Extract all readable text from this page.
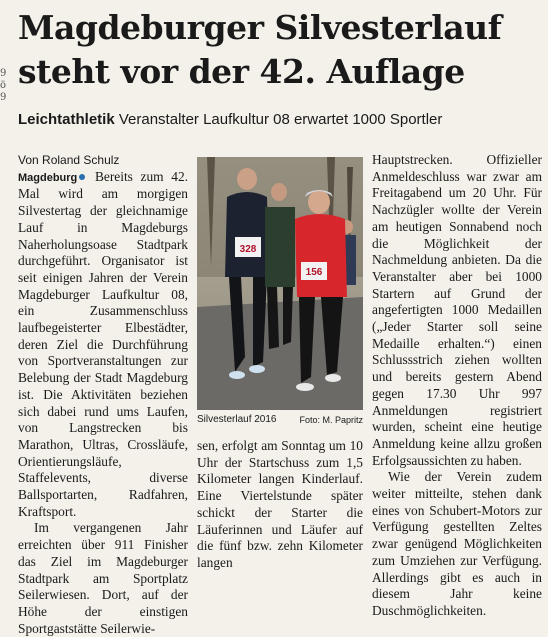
9
ö
9
Magdeburger Silvesterlauf
steht vor der 42. Auflage
Leichtathletik Veranstalter Laufkultur 08 erwartet 1000 Sportler
Von Roland Schulz

Magdeburg Bereits zum 42. Mal wird am morgigen Silvestertag der gleichnamige Lauf in Magdeburgs Naherholungsoase Stadtpark durchgeführt. Organisator ist seit einigen Jahren der Verein Magdeburger Laufkultur 08, ein Zusammenschluss laufbegeisterter Elbestädter, deren Ziel die Durchführung von Sportveranstaltungen zur Belebung der Stadt Magdeburg ist. Die Aktivitäten beziehen sich dabei rund ums Laufen, von Langstrecken bis Marathon, Ultras, Crossläufe, Orientierungsläufe, Staffelevents, diverse Ballsportarten, Radfahren, Kraftsport.

Im vergangenen Jahr erreichten über 911 Finisher das Ziel im Magdeburger Stadtpark am Sportplatz Seilerwiesen. Dort, auf der Höhe der einstigen Sportgaststätte Seilerwie-

328
156
Silvesterlauf 2016	Foto: M. Papritz

sen, erfolgt am Sonntag um 10 Uhr der Startschuss zum 1,5 Kilometer langen Kinderlauf. Eine Viertelstunde später schickt der Starter die Läuferinnen und Läufer auf die fünf bzw. zehn Kilometer langen

Hauptstrecken. Offizieller Anmeldeschluss war zwar am Freitagabend um 20 Uhr. Für Nachzügler wollte der Verein am heutigen Sonnabend noch die Möglichkeit der Nachmeldung anbieten. Da die Veranstalter aber bei 1000 Startern auf Grund der angefertigten 1000 Medaillen („Jeder Starter soll seine Medaille erhalten.“) einen Schlussstrich ziehen wollten und bereits gestern Abend gegen 17.30 Uhr 997 Anmeldungen registriert wurden, scheint eine heutige Anmeldung keine allzu großen Erfolgsaussichten zu haben.

Wie der Verein zudem weiter mitteilte, stehen dank eines von Schubert-Motors zur Verfügung gestellten Zeltes zwar genügend Möglichkeiten zum Umziehen zur Verfügung. Allerdings gibt es auch in diesem Jahr keine Duschmöglichkeiten.
